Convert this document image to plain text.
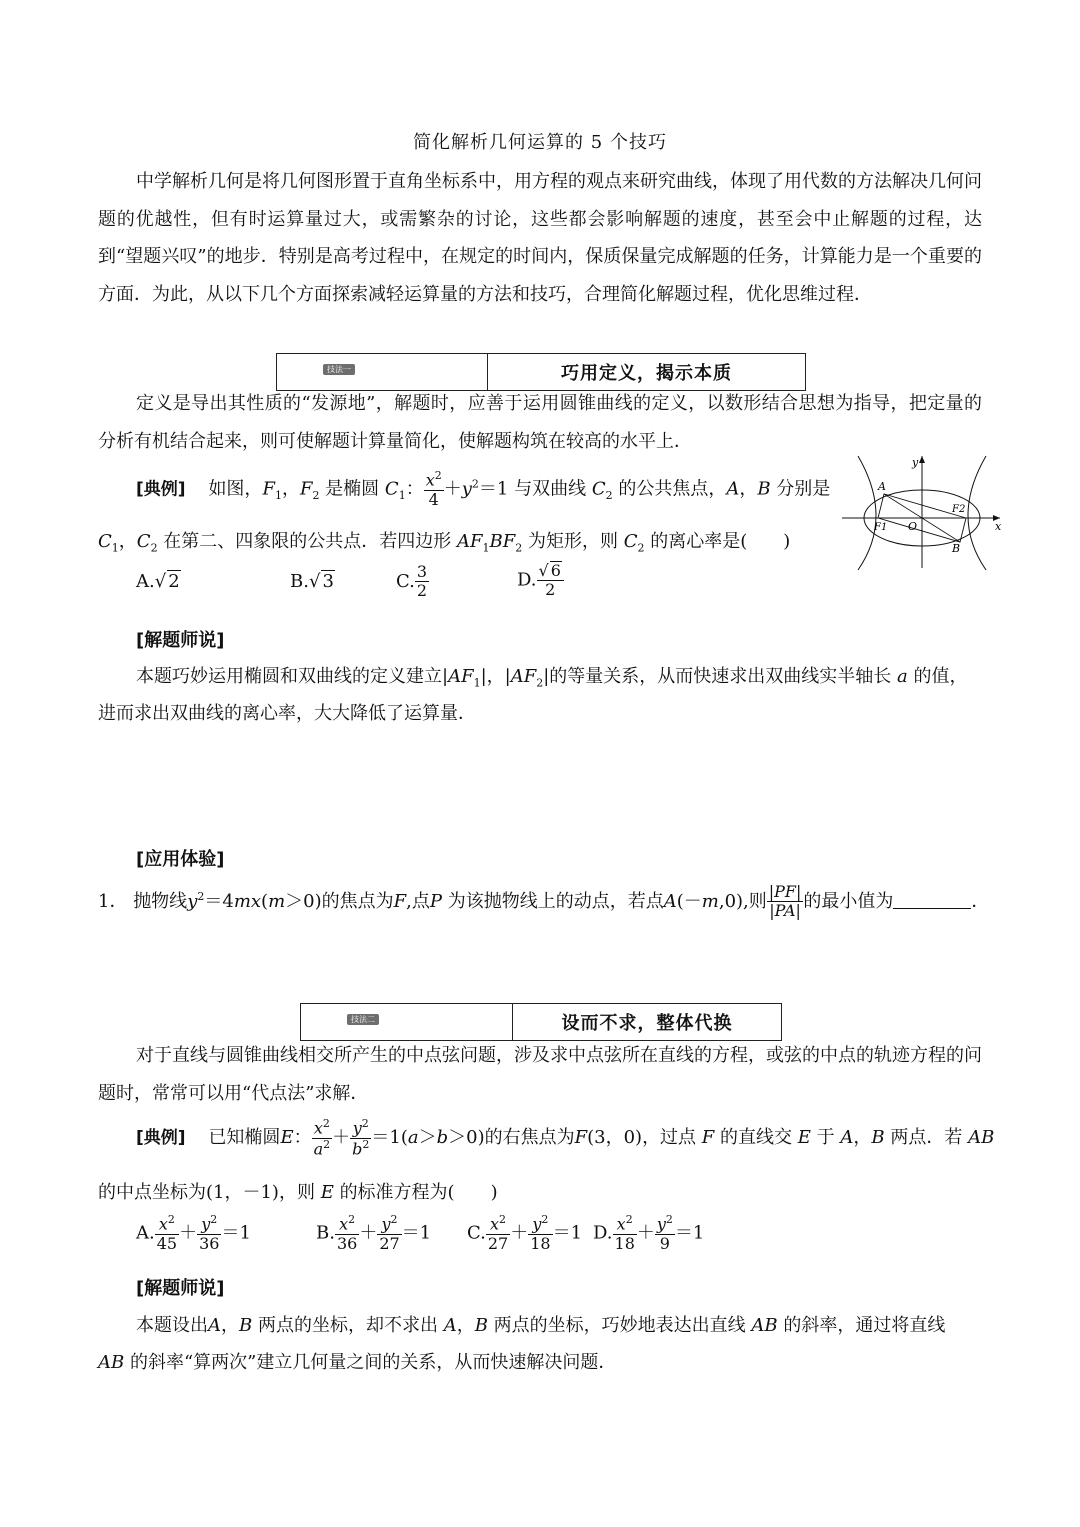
简化解析几何运算的 5 个技巧

中学解析几何是将几何图形置于直角坐标系中，用方程的观点来研究曲线，体现了用代数的方法解决几何问题的优越性，但有时运算量过大，或需繁杂的讨论，这些都会影响解题的速度，甚至会中止解题的过程，达到“望题兴叹”的地步．特别是高考过程中，在规定的时间内，保质保量完成解题的任务，计算能力是一个重要的方面．为此，从以下几个方面探索减轻运算量的方法和技巧，合理简化解题过程，优化思维过程．

技法一	巧用定义，揭示本质

定义是导出其性质的“发源地”，解题时，应善于运用圆锥曲线的定义，以数形结合思想为指导，把定量的分析有机结合起来，则可使解题计算量简化，使解题构筑在较高的水平上．

[典例] 如图，$F_1$，$F_2$ 是椭圆 $C_1$： $\frac{x^2}{4} +y^2=1$ 与双曲线 $C_2$ 的公共焦点，A，B 分别是
$C_1$，$C_2$ 在第二、四象限的公共点．若四边形 $AF_1BF_2$ 为矩形，则 $C_2$ 的离心率是(　　)
y
x
O
A
B
F1
F2
A.√ 2	B.√ 3	C. $\frac{3}{2}$	D. $\frac{√ 6}{2}$
[解题师说]
本题巧妙运用椭圆和双曲线的定义建立$|AF_1|$，$|AF_2|$的等量关系，从而快速求出双曲线实半轴长 a 的值，
进而求出双曲线的离心率，大大降低了运算量．
[应用体验]
1． 抛物线$y^2=4mx(m>0)$的焦点为F,点P 为该抛物线上的动点，若点A(－m,0),则 $\frac{|PF|}{|PA|}$ 的最小值为	．
技法二	设而不求，整体代换

对于直线与圆锥曲线相交所产生的中点弦问题，涉及求中点弦所在直线的方程，或弦的中点的轨迹方程的问题时，常常可以用“代点法”求解．

[典例] 已知椭圆E： $\frac{x^2}{a^2} + \frac{y^2}{b^2} =1(a>b>0)$的右焦点为F(3，0)，过点 F 的直线交 E 于 A，B 两点．若 AB
的中点坐标为(1，－1)，则 E 的标准方程为(　　)
A. $\frac{x^2}{45} + \frac{y^2}{36} =1$	B. $\frac{x^2}{36} + \frac{y^2}{27} =1$ C. $\frac{x^2}{27} + \frac{y^2}{18} =1$ D. $\frac{x^2}{18} + \frac{y^2}{9} =1$
[解题师说]
本题设出A，B 两点的坐标，却不求出 A，B 两点的坐标，巧妙地表达出直线 AB 的斜率，通过将直线
AB 的斜率“算两次”建立几何量之间的关系，从而快速解决问题．
